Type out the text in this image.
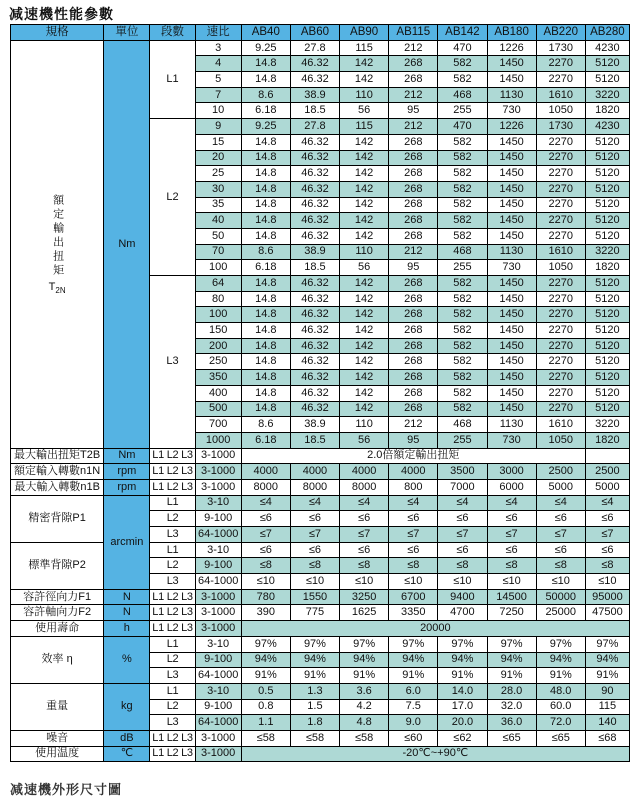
减速機性能參數
規格	單位	段數	速比	AB40	AB60	AB90	AB115	AB142	AB180	AB220	AB280

額定輸出扭矩
$T_{2N}$	Nm	L1	3	9.25	27.8	115	212	470	1226	1730	4230
			4	14.8	46.32	142	268	582	1450	2270	5120
			5	14.8	46.32	142	268	582	1450	2270	5120
			7	8.6	38.9	110	212	468	1130	1610	3220
			10	6.18	18.5	56	95	255	730	1050	1820
		L2	9	9.25	27.8	115	212	470	1226	1730	4230
			15	14.8	46.32	142	268	582	1450	2270	5120
			20	14.8	46.32	142	268	582	1450	2270	5120
			25	14.8	46.32	142	268	582	1450	2270	5120
			30	14.8	46.32	142	268	582	1450	2270	5120
			35	14.8	46.32	142	268	582	1450	2270	5120
			40	14.8	46.32	142	268	582	1450	2270	5120
			50	14.8	46.32	142	268	582	1450	2270	5120
			70	8.6	38.9	110	212	468	1130	1610	3220
			100	6.18	18.5	56	95	255	730	1050	1820
		L3	64	14.8	46.32	142	268	582	1450	2270	5120
			80	14.8	46.32	142	268	582	1450	2270	5120
			100	14.8	46.32	142	268	582	1450	2270	5120
			150	14.8	46.32	142	268	582	1450	2270	5120
			200	14.8	46.32	142	268	582	1450	2270	5120
			250	14.8	46.32	142	268	582	1450	2270	5120
			350	14.8	46.32	142	268	582	1450	2270	5120
			400	14.8	46.32	142	268	582	1450	2270	5120
			500	14.8	46.32	142	268	582	1450	2270	5120
			700	8.6	38.9	110	212	468	1130	1610	3220
			1000	6.18	18.5	56	95	255	730	1050	1820
最大輸出扭矩T2B	Nm	L1 L2 L3	3-1000	2.0倍額定輸出扭矩							
額定輸入轉數n1N	rpm	L1 L2 L3	3-1000	4000	4000	4000	4000	3500	3000	2500	2500
最大輸入轉數n1B	rpm	L1 L2 L3	3-1000	8000	8000	8000	800	7000	6000	5000	5000
精密背隙P1	arcmin	L1	3-10	≤4	≤4	≤4	≤4	≤4	≤4	≤4	≤4
		L2	9-100	≤6	≤6	≤6	≤6	≤6	≤6	≤6	≤6
		L3	64-1000	≤7	≤7	≤7	≤7	≤7	≤7	≤7	≤7
標準背隙P2		L1	3-10	≤6	≤6	≤6	≤6	≤6	≤6	≤6	≤6
		L2	9-100	≤8	≤8	≤8	≤8	≤8	≤8	≤8	≤8
		L3	64-1000	≤10	≤10	≤10	≤10	≤10	≤10	≤10	≤10
容許徑向力F1	N	L1 L2 L3	3-1000	780	1550	3250	6700	9400	14500	50000	95000
容許軸向力F2	N	L1 L2 L3	3-1000	390	775	1625	3350	4700	7250	25000	47500
使用壽命	h	L1 L2 L3	3-1000	20000							
效率 η	%	L1	3-10	97%	97%	97%	97%	97%	97%	97%	97%
		L2	9-100	94%	94%	94%	94%	94%	94%	94%	94%
		L3	64-1000	91%	91%	91%	91%	91%	91%	91%	91%
重量	kg	L1	3-10	0.5	1.3	3.6	6.0	14.0	28.0	48.0	90
		L2	9-100	0.8	1.5	4.2	7.5	17.0	32.0	60.0	115
		L3	64-1000	1.1	1.8	4.8	9.0	20.0	36.0	72.0	140
噪音	dB	L1 L2 L3	3-1000	≤58	≤58	≤58	≤60	≤62	≤65	≤65	≤68
使用温度	℃	L1 L2 L3	3-1000	-20℃~+90℃							
减速機外形尺寸圖
